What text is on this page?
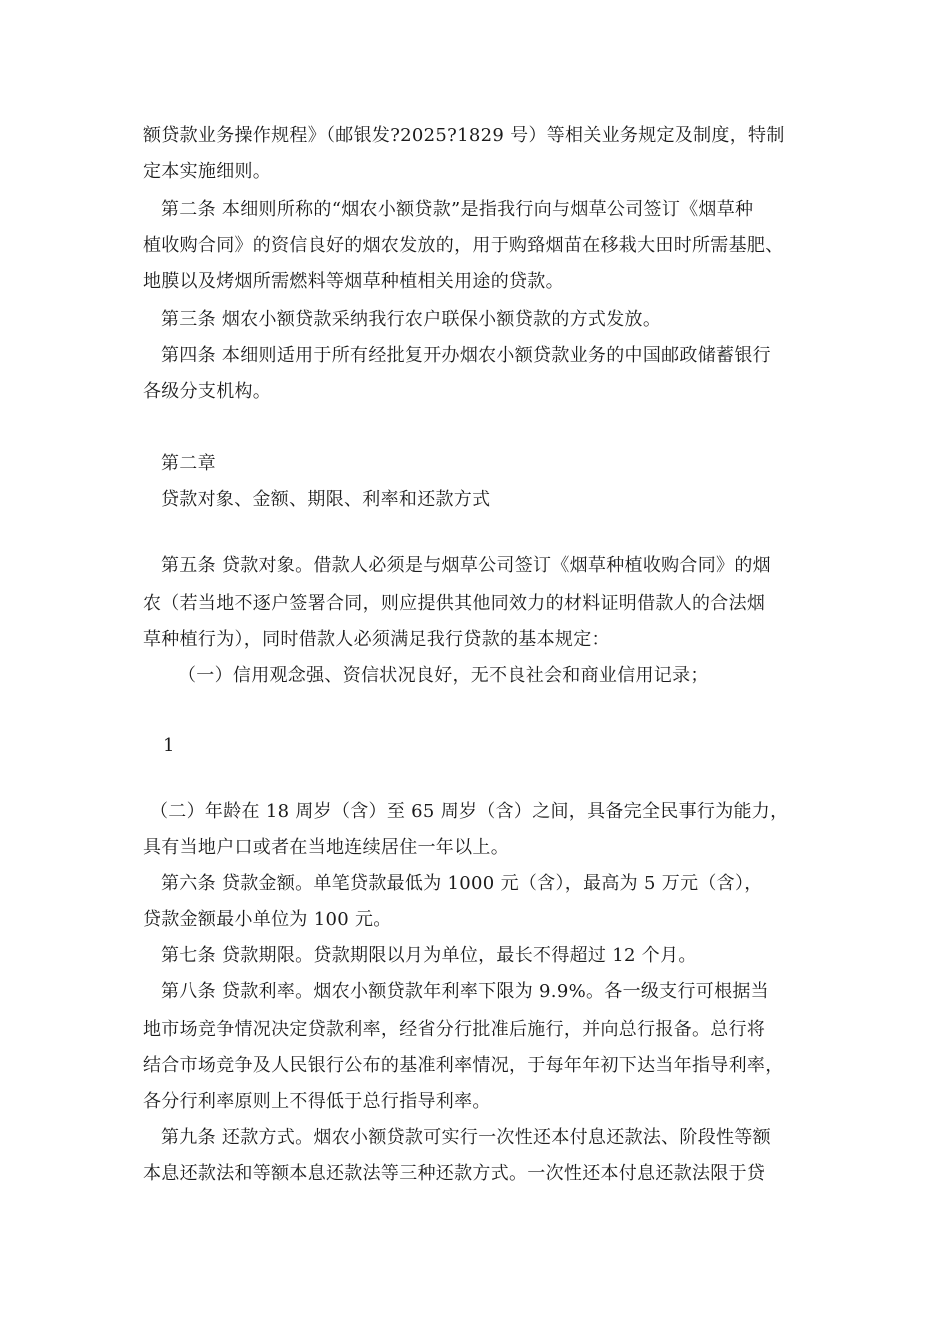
额贷款业务操作规程》（邮银发?2025?1829 号）等相关业务规定及制度，特制
定本实施细则。
第二条 本细则所称的“烟农小额贷款”是指我行向与烟草公司签订《烟草种
植收购合同》的资信良好的烟农发放的，用于购臵烟苗在移栽大田时所需基肥、
地膜以及烤烟所需燃料等烟草种植相关用途的贷款。
第三条 烟农小额贷款采纳我行农户联保小额贷款的方式发放。
第四条 本细则适用于所有经批复开办烟农小额贷款业务的中国邮政储蓄银行
各级分支机构。
第二章
贷款对象、金额、期限、利率和还款方式
第五条 贷款对象。借款人必须是与烟草公司签订《烟草种植收购合同》的烟
农（若当地不逐户签署合同，则应提供其他同效力的材料证明借款人的合法烟
草种植行为），同时借款人必须满足我行贷款的基本规定：
（一）信用观念强、资信状况良好，无不良社会和商业信用记录；
1
（二）年龄在 18 周岁（含）至 65 周岁（含）之间，具备完全民事行为能力，
具有当地户口或者在当地连续居住一年以上。
第六条 贷款金额。单笔贷款最低为 1000 元（含），最高为 5 万元（含），
贷款金额最小单位为 100 元。
第七条 贷款期限。贷款期限以月为单位，最长不得超过 12 个月。
第八条 贷款利率。烟农小额贷款年利率下限为 9.9%。各一级支行可根据当
地市场竞争情况决定贷款利率，经省分行批准后施行，并向总行报备。总行将
结合市场竞争及人民银行公布的基准利率情况，于每年年初下达当年指导利率，
各分行利率原则上不得低于总行指导利率。
第九条 还款方式。烟农小额贷款可实行一次性还本付息还款法、阶段性等额
本息还款法和等额本息还款法等三种还款方式。一次性还本付息还款法限于贷
